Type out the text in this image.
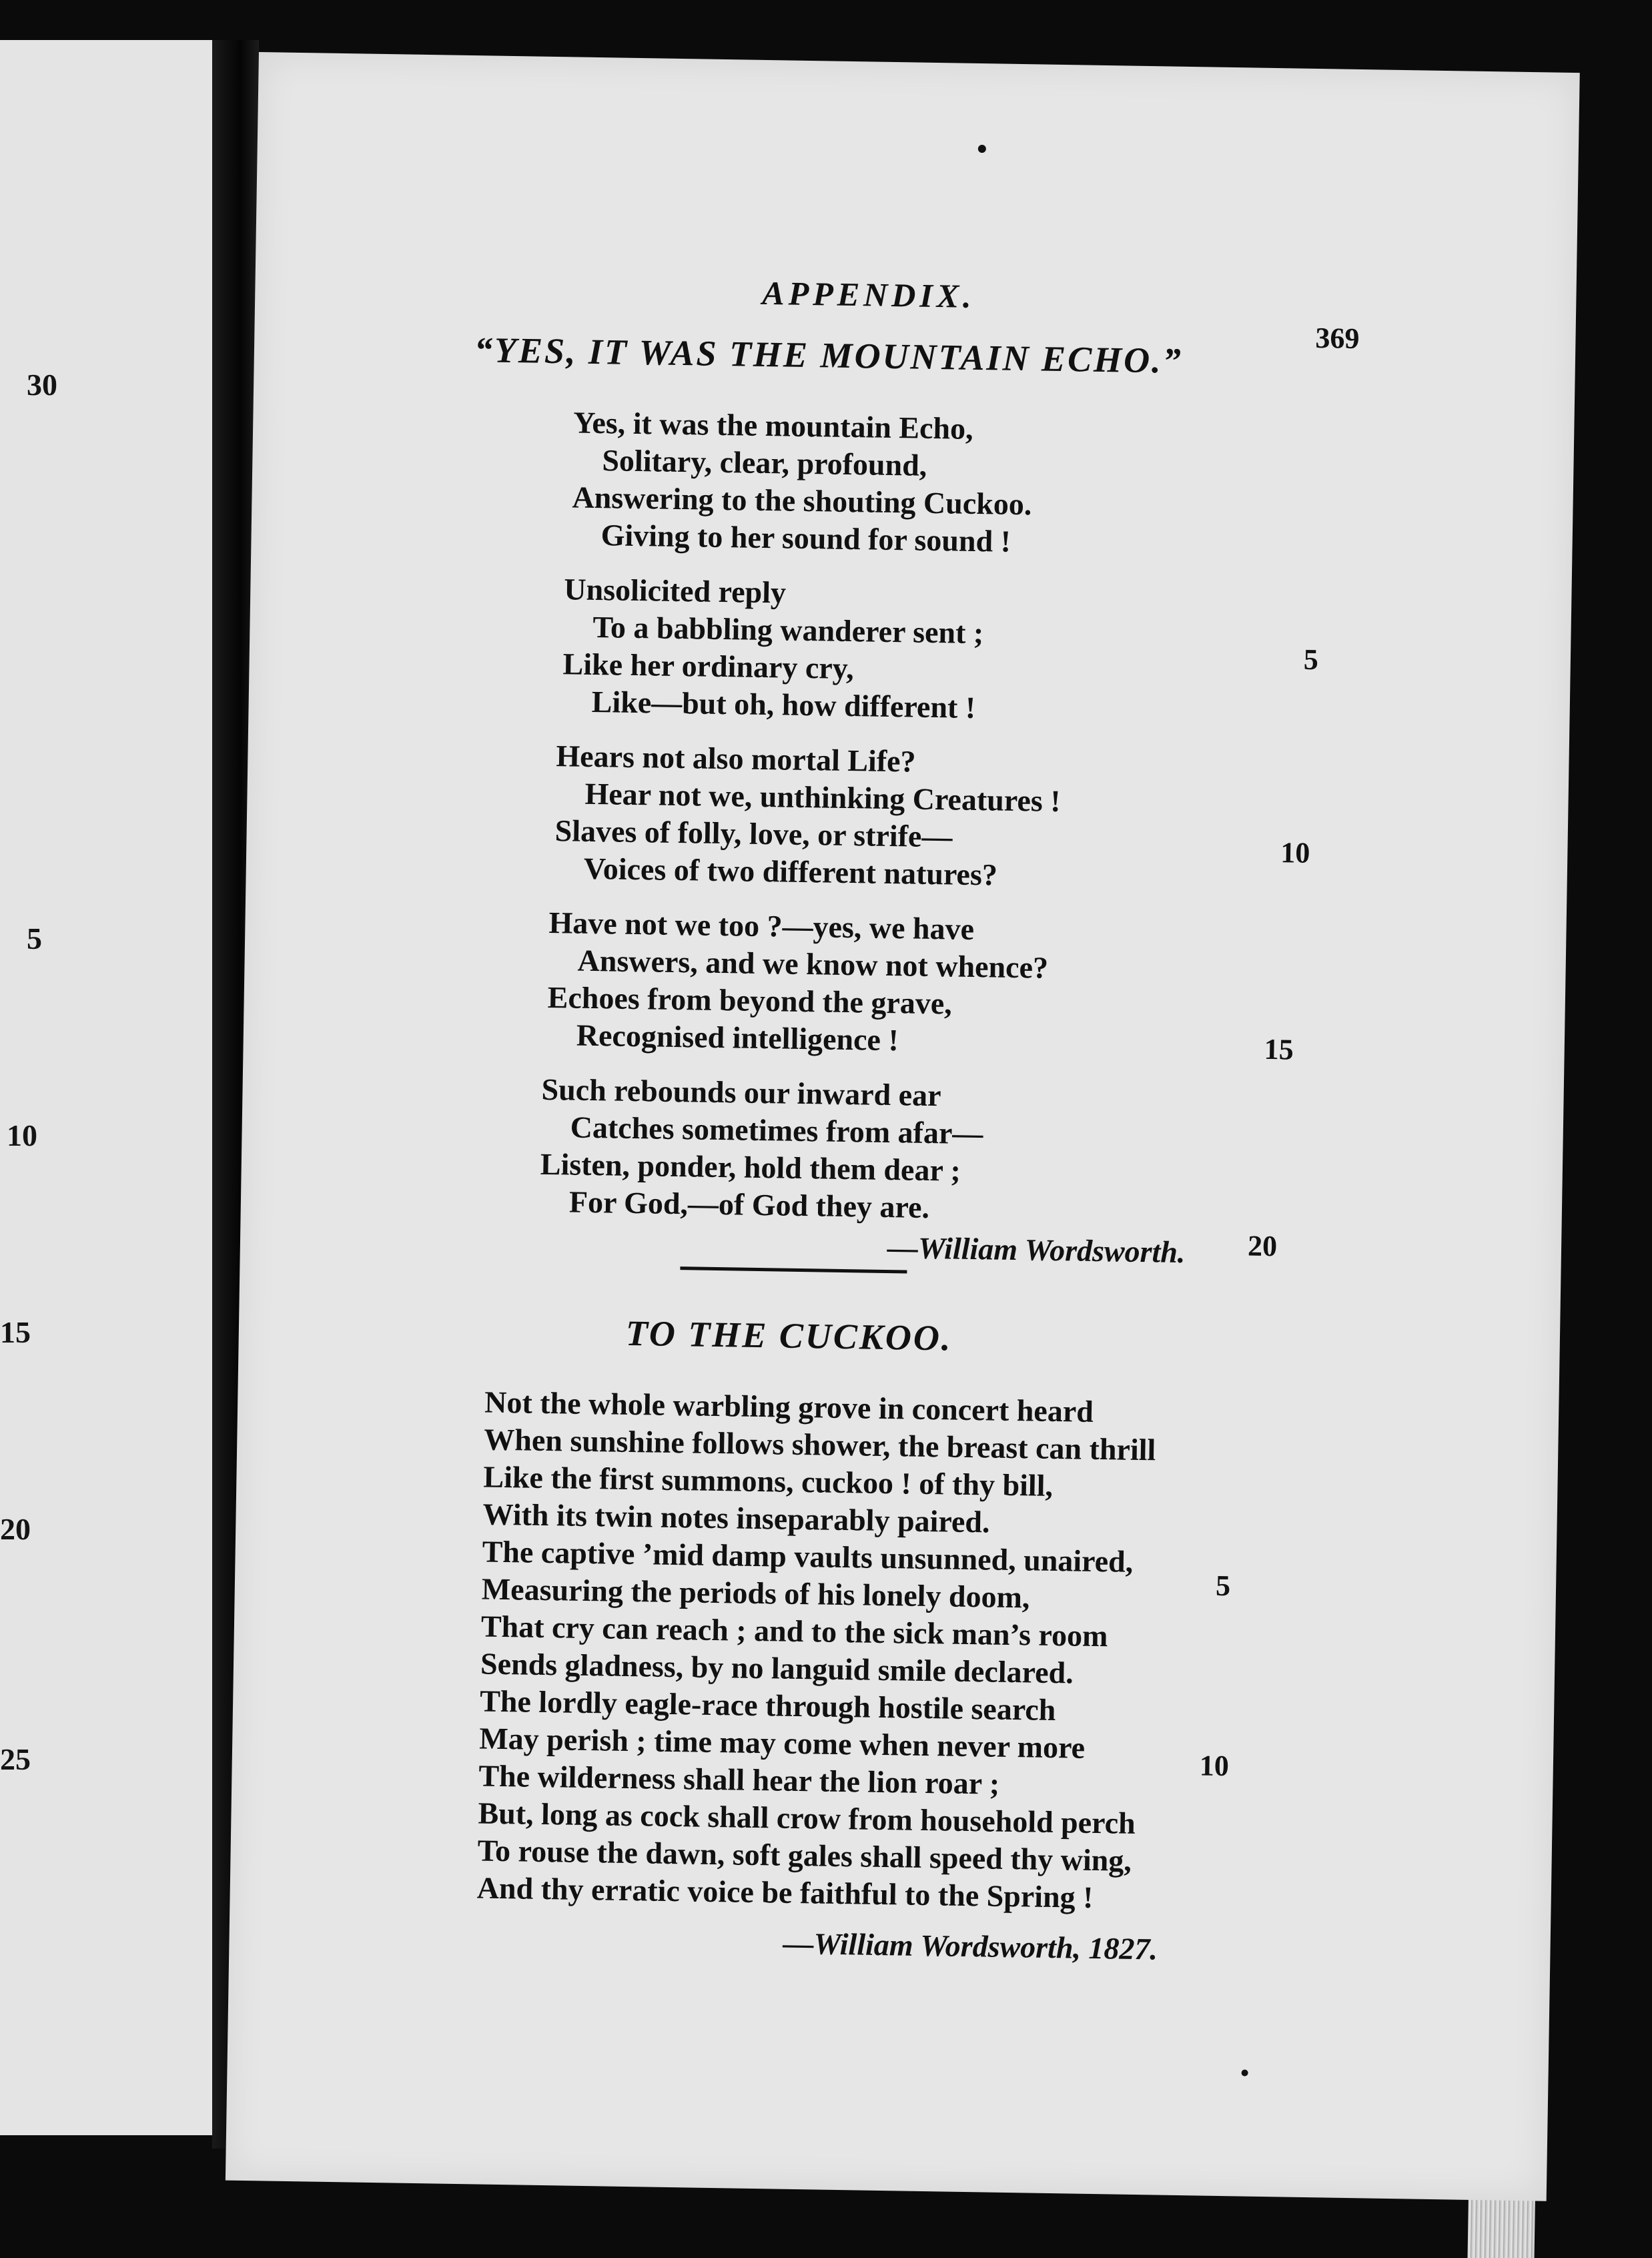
30
5
10
15
20
25
APPENDIX.
369
“YES, IT WAS THE MOUNTAIN ECHO.”
Yes, it was the mountain Echo,
Solitary, clear, profound,
Answering to the shouting Cuckoo.
Giving to her sound for sound !
Unsolicited reply
To a babbling wanderer sent ;
Like her ordinary cry,
Like—but oh, how different !
Hears not also mortal Life?
Hear not we, unthinking Creatures !
Slaves of folly, love, or strife—
Voices of two different natures?
Have not we too ?—yes, we have
Answers, and we know not whence?
Echoes from beyond the grave,
Recognised intelligence !
Such rebounds our inward ear
Catches sometimes from afar—
Listen, ponder, hold them dear ;
For God,—of God they are.
5
10
15
20
—William Wordsworth.
TO THE CUCKOO.
Not the whole warbling grove in concert heard
When sunshine follows shower, the breast can thrill
Like the first summons, cuckoo ! of thy bill,
With its twin notes inseparably paired.
The captive ’mid damp vaults unsunned, unaired,
Measuring the periods of his lonely doom,
That cry can reach ; and to the sick man’s room
Sends gladness, by no languid smile declared.
The lordly eagle-race through hostile search
May perish ; time may come when never more
The wilderness shall hear the lion roar ;
But, long as cock shall crow from household perch
To rouse the dawn, soft gales shall speed thy wing,
And thy erratic voice be faithful to the Spring !
5
10
—William Wordsworth, 1827.
